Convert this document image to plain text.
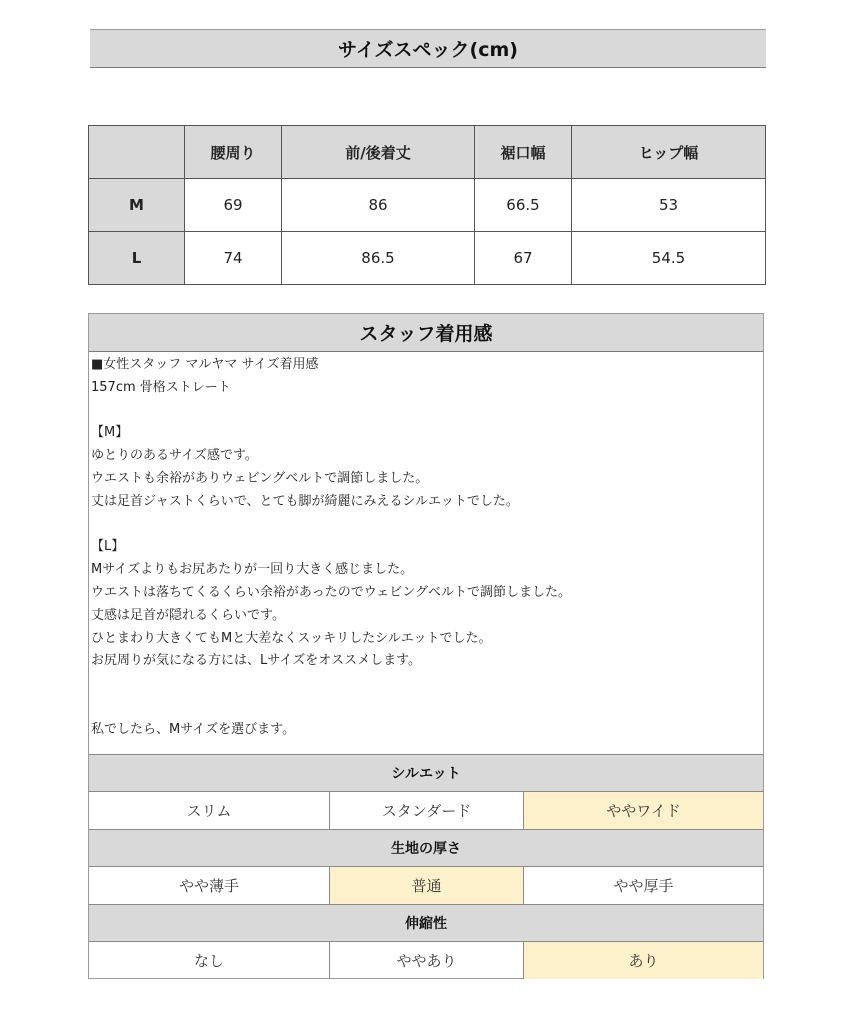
サイズスペック(cm)
	腰周り	前/後着丈	裾口幅	ヒップ幅
M	69	86	66.5	53
L	74	86.5	67	54.5
スタッフ着用感
■女性スタッフ マルヤマ サイズ着用感
157cm 骨格ストレート
【M】
ゆとりのあるサイズ感です。
ウエストも余裕がありウェビングベルトで調節しました。
丈は足首ジャストくらいで、とても脚が綺麗にみえるシルエットでした。
【L】
Mサイズよりもお尻あたりが一回り大きく感じました。
ウエストは落ちてくるくらい余裕があったのでウェビングベルトで調節しました。
丈感は足首が隠れるくらいです。
ひとまわり大きくてもMと大差なくスッキリしたシルエットでした。
お尻周りが気になる方には、Lサイズをオススメします。
私でしたら、Mサイズを選びます。
シルエット
スリム	スタンダード	ややワイド
生地の厚さ
やや薄手	普通	やや厚手
伸縮性
なし	ややあり	あり
